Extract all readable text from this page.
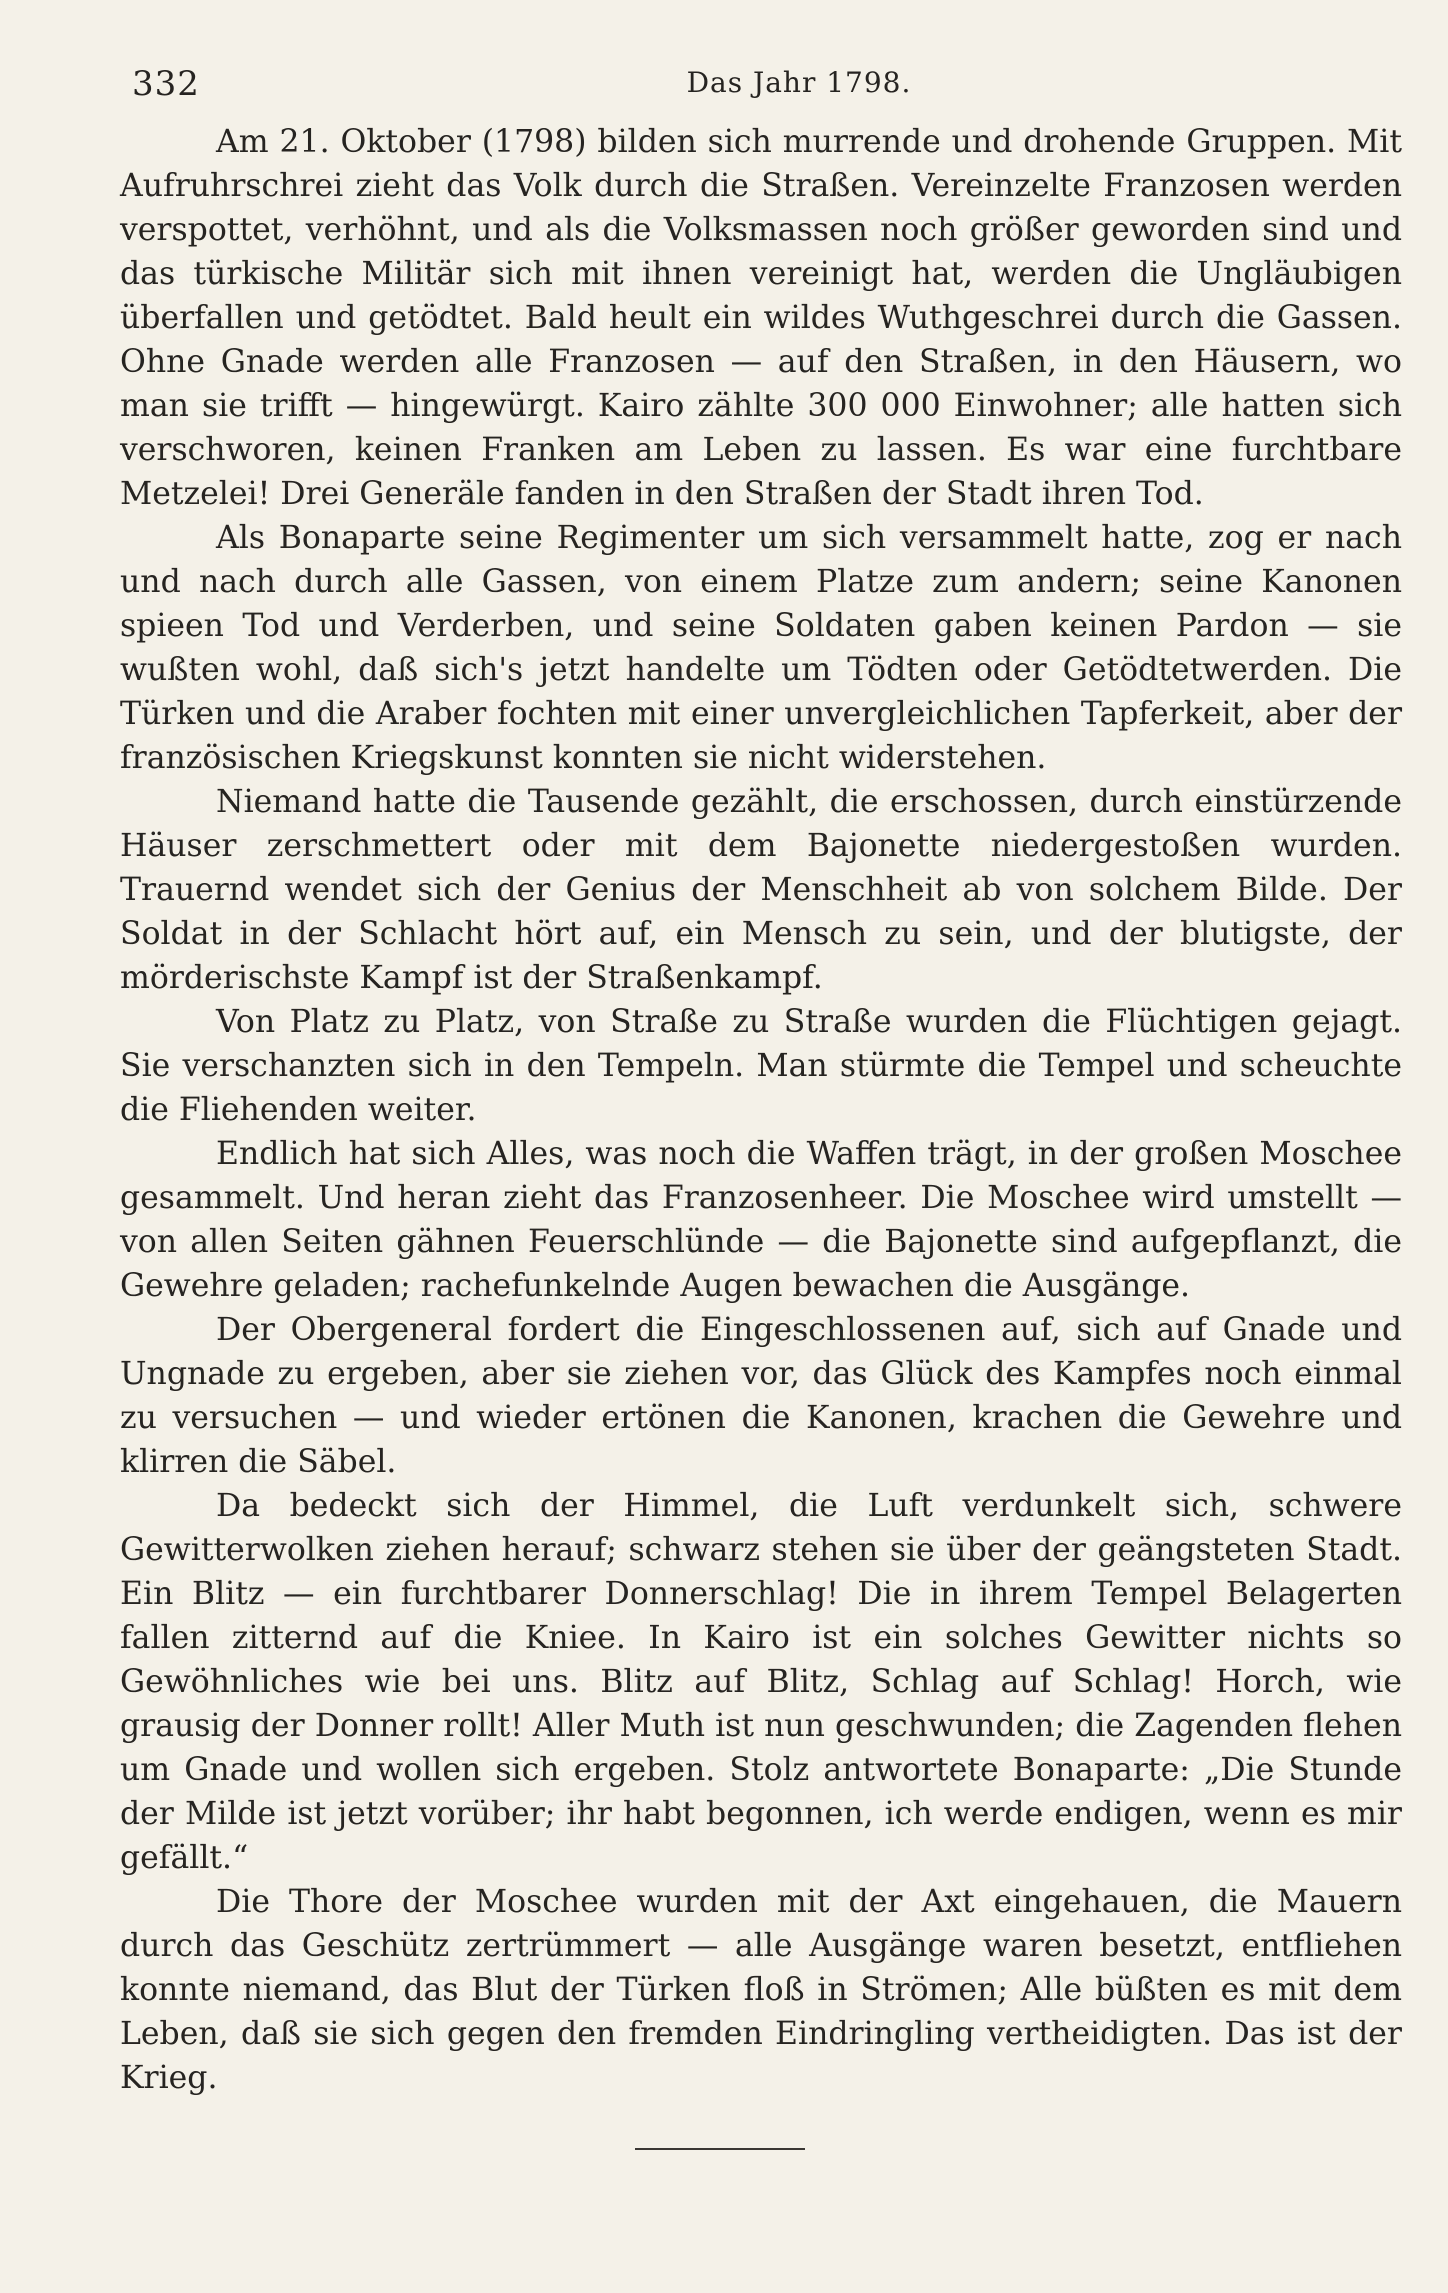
332	Das Jahr 1798.

Am 21. Oktober (1798) bilden sich murrende und drohende Gruppen. Mit Aufruhrschrei zieht das Volk durch die Straßen. Vereinzelte Franzosen werden verspottet, verhöhnt, und als die Volksmassen noch größer geworden sind und das türkische Militär sich mit ihnen vereinigt hat, werden die Ungläubigen überfallen und getödtet. Bald heult ein wildes Wuthgeschrei durch die Gassen. Ohne Gnade werden alle Franzosen — auf den Straßen, in den Häusern, wo man sie trifft — hingewürgt. Kairo zählte 300 000 Einwohner; alle hatten sich verschworen, keinen Franken am Leben zu lassen. Es war eine furchtbare Metzelei! Drei Generäle fanden in den Straßen der Stadt ihren Tod.

Als Bonaparte seine Regimenter um sich versammelt hatte, zog er nach und nach durch alle Gassen, von einem Platze zum andern; seine Kanonen spieen Tod und Verderben, und seine Soldaten gaben keinen Pardon — sie wußten wohl, daß sich's jetzt handelte um Tödten oder Getödtetwerden. Die Türken und die Araber fochten mit einer unvergleichlichen Tapferkeit, aber der französischen Kriegskunst konnten sie nicht widerstehen.

Niemand hatte die Tausende gezählt, die erschossen, durch einstürzende Häuser zerschmettert oder mit dem Bajonette niedergestoßen wurden. Trauernd wendet sich der Genius der Menschheit ab von solchem Bilde. Der Soldat in der Schlacht hört auf, ein Mensch zu sein, und der blutigste, der mörderischste Kampf ist der Straßenkampf.

Von Platz zu Platz, von Straße zu Straße wurden die Flüchtigen gejagt. Sie verschanzten sich in den Tempeln. Man stürmte die Tempel und scheuchte die Fliehenden weiter.

Endlich hat sich Alles, was noch die Waffen trägt, in der großen Moschee gesammelt. Und heran zieht das Franzosenheer. Die Moschee wird umstellt — von allen Seiten gähnen Feuerschlünde — die Bajonette sind aufgepflanzt, die Gewehre geladen; rachefunkelnde Augen bewachen die Ausgänge.

Der Obergeneral fordert die Eingeschlossenen auf, sich auf Gnade und Ungnade zu ergeben, aber sie ziehen vor, das Glück des Kampfes noch einmal zu versuchen — und wieder ertönen die Kanonen, krachen die Gewehre und klirren die Säbel.

Da bedeckt sich der Himmel, die Luft verdunkelt sich, schwere Gewitterwolken ziehen herauf; schwarz stehen sie über der geängsteten Stadt. Ein Blitz — ein furchtbarer Donnerschlag! Die in ihrem Tempel Belagerten fallen zitternd auf die Kniee. In Kairo ist ein solches Gewitter nichts so Gewöhnliches wie bei uns. Blitz auf Blitz, Schlag auf Schlag! Horch, wie grausig der Donner rollt! Aller Muth ist nun geschwunden; die Zagenden flehen um Gnade und wollen sich ergeben. Stolz antwortete Bonaparte: „Die Stunde der Milde ist jetzt vorüber; ihr habt begonnen, ich werde endigen, wenn es mir gefällt.“

Die Thore der Moschee wurden mit der Axt eingehauen, die Mauern durch das Geschütz zertrümmert — alle Ausgänge waren besetzt, entfliehen konnte niemand, das Blut der Türken floß in Strömen; Alle büßten es mit dem Leben, daß sie sich gegen den fremden Eindringling vertheidigten. Das ist der Krieg.
